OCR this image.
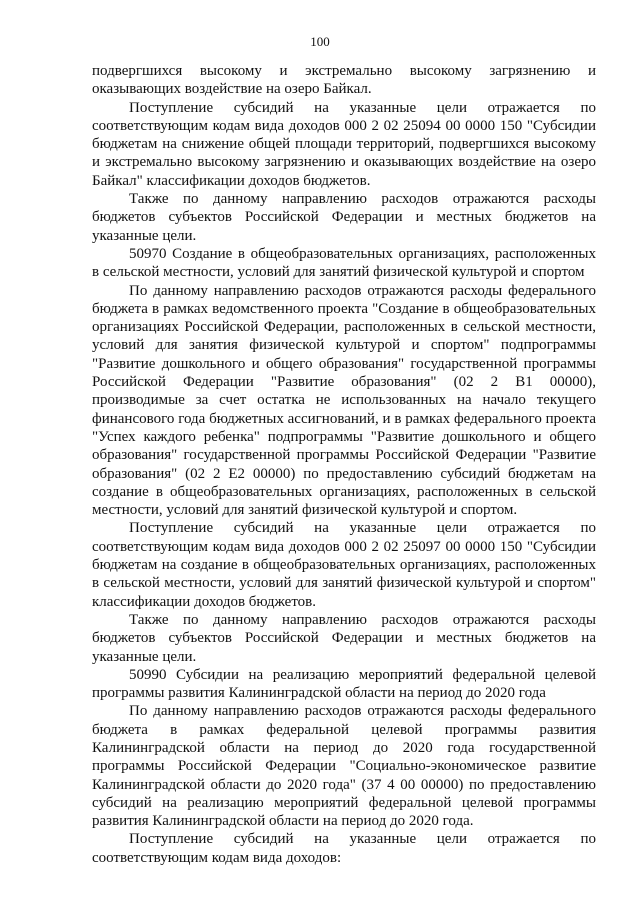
100

подвергшихся высокому и экстремально высокому загрязнению и оказывающих воздействие на озеро Байкал.

Поступление субсидий на указанные цели отражается по соответствующим кодам вида доходов 000 2 02 25094 00 0000 150 "Субсидии бюджетам на снижение общей площади территорий, подвергшихся высокому и экстремально высокому загрязнению и оказывающих воздействие на озеро Байкал" классификации доходов бюджетов.

Также по данному направлению расходов отражаются расходы бюджетов субъектов Российской Федерации и местных бюджетов на указанные цели.

50970 Создание в общеобразовательных организациях, расположенных в сельской местности, условий для занятий физической культурой и спортом

По данному направлению расходов отражаются расходы федерального бюджета в рамках ведомственного проекта "Создание в общеобразовательных организациях Российской Федерации, расположенных в сельской местности, условий для занятия физической культурой и спортом" подпрограммы "Развитие дошкольного и общего образования" государственной программы Российской Федерации "Развитие образования" (02 2 В1 00000), производимые за счет остатка не использованных на начало текущего финансового года бюджетных ассигнований, и в рамках федерального проекта "Успех каждого ребенка" подпрограммы "Развитие дошкольного и общего образования" государственной программы Российской Федерации "Развитие образования" (02 2 Е2 00000) по предоставлению субсидий бюджетам на создание в общеобразовательных организациях, расположенных в сельской местности, условий для занятий физической культурой и спортом.

Поступление субсидий на указанные цели отражается по соответствующим кодам вида доходов 000 2 02 25097 00 0000 150 "Субсидии бюджетам на создание в общеобразовательных организациях, расположенных в сельской местности, условий для занятий физической культурой и спортом" классификации доходов бюджетов.

Также по данному направлению расходов отражаются расходы бюджетов субъектов Российской Федерации и местных бюджетов на указанные цели.

50990 Субсидии на реализацию мероприятий федеральной целевой программы развития Калининградской области на период до 2020 года

По данному направлению расходов отражаются расходы федерального бюджета в рамках федеральной целевой программы развития Калининградской области на период до 2020 года государственной программы Российской Федерации "Социально-экономическое развитие Калининградской области до 2020 года" (37 4 00 00000) по предоставлению субсидий на реализацию мероприятий федеральной целевой программы развития Калининградской области на период до 2020 года.

Поступление субсидий на указанные цели отражается по соответствующим кодам вида доходов:
